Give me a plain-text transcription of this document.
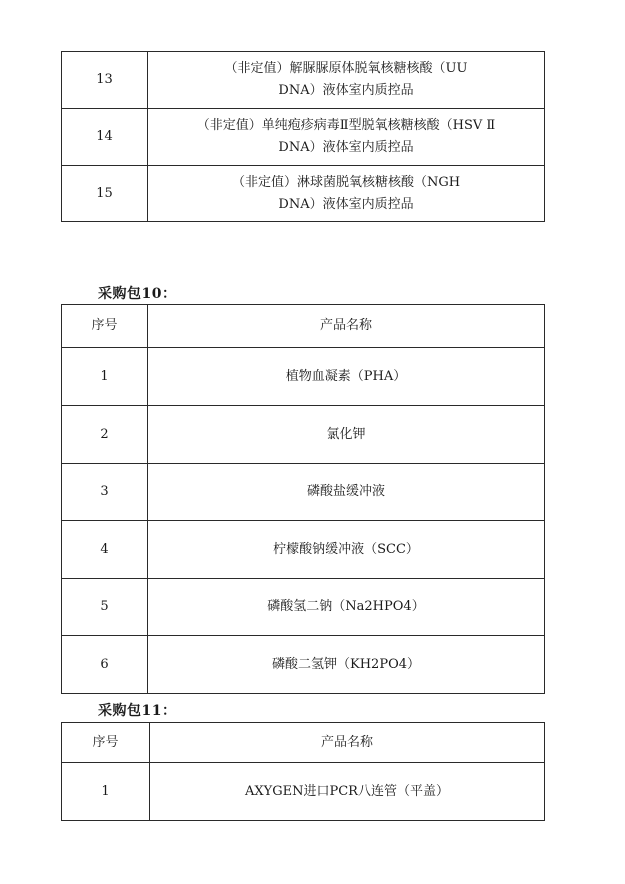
13	（非定值）解脲脲原体脱氧核糖核酸（UU
DNA）液体室内质控品

14	（非定值）单纯疱疹病毒Ⅱ型脱氧核糖核酸（HSV Ⅱ
DNA）液体室内质控品

15	（非定值）淋球菌脱氧核糖核酸（NGH
DNA）液体室内质控品
采购包10：
序号	产品名称
1	植物血凝素（PHA）
2	氯化钾
3	磷酸盐缓冲液
4	柠檬酸钠缓冲液（SCC）
5	磷酸氢二钠（Na2HPO4）
6	磷酸二氢钾（KH2PO4）
采购包11：
序号	产品名称
1	AXYGEN进口PCR八连管（平盖）
